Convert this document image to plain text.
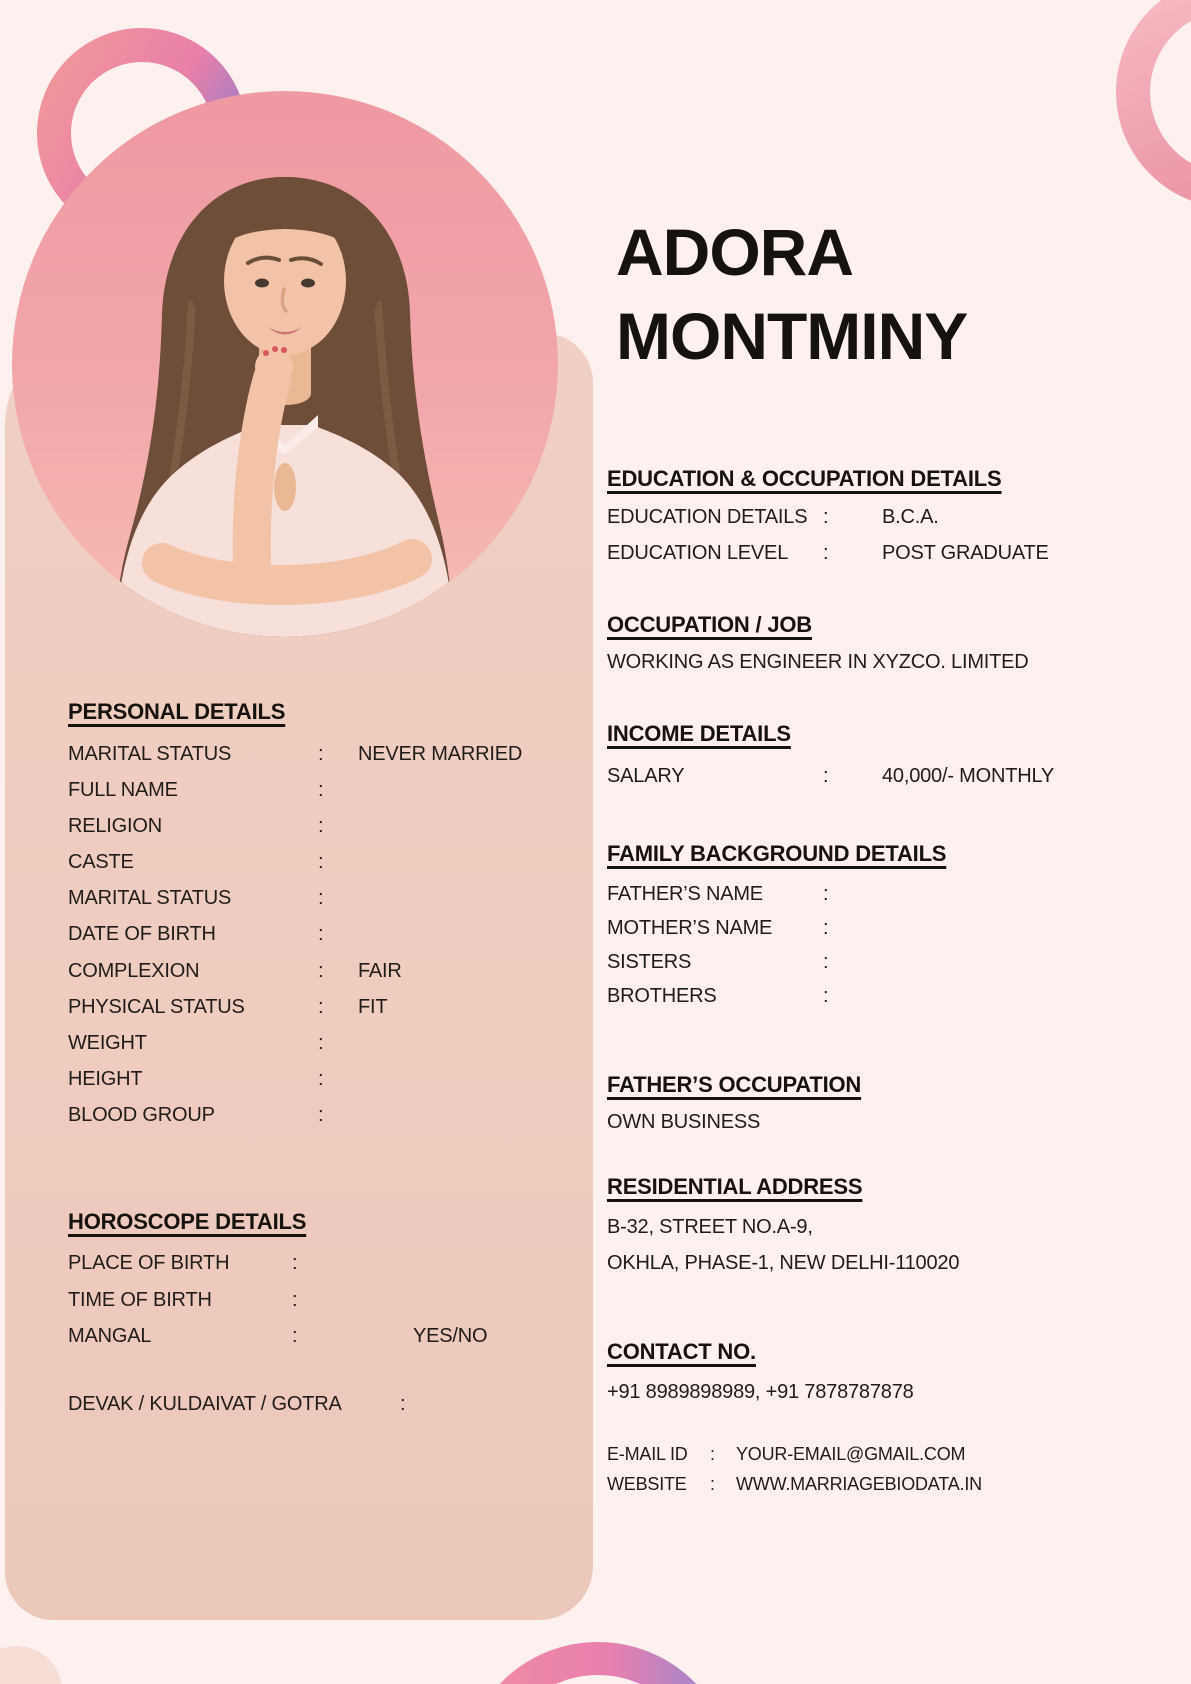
ADORA
MONTMINY
PERSONAL DETAILS
MARITAL STATUS	:	NEVER MARRIED
FULL NAME	:
RELIGION	:
CASTE	:
MARITAL STATUS	:
DATE OF BIRTH	:
COMPLEXION	:	FAIR
PHYSICAL STATUS	:	FIT
WEIGHT	:
HEIGHT	:
BLOOD GROUP	:
HOROSCOPE DETAILS
PLACE OF BIRTH	:
TIME OF BIRTH	:
MANGAL	:	YES/NO
DEVAK / KULDAIVAT / GOTRA	:
EDUCATION & OCCUPATION DETAILS
EDUCATION DETAILS :	B.C.A.
EDUCATION LEVEL	:	POST GRADUATE
OCCUPATION / JOB
WORKING AS ENGINEER IN XYZCO. LIMITED
INCOME DETAILS
SALARY	:	40,000/- MONTHLY
FAMILY BACKGROUND DETAILS
FATHER’S NAME	:
MOTHER’S NAME	:
SISTERS	:
BROTHERS	:
FATHER’S OCCUPATION
OWN BUSINESS
RESIDENTIAL ADDRESS
B-32, STREET NO.A-9,
OKHLA, PHASE-1, NEW DELHI-110020
CONTACT NO.
+91 8989898989, +91 7878787878
E-MAIL ID	:	YOUR-EMAIL@GMAIL.COM
WEBSITE	:	WWW.MARRIAGEBIODATA.IN
